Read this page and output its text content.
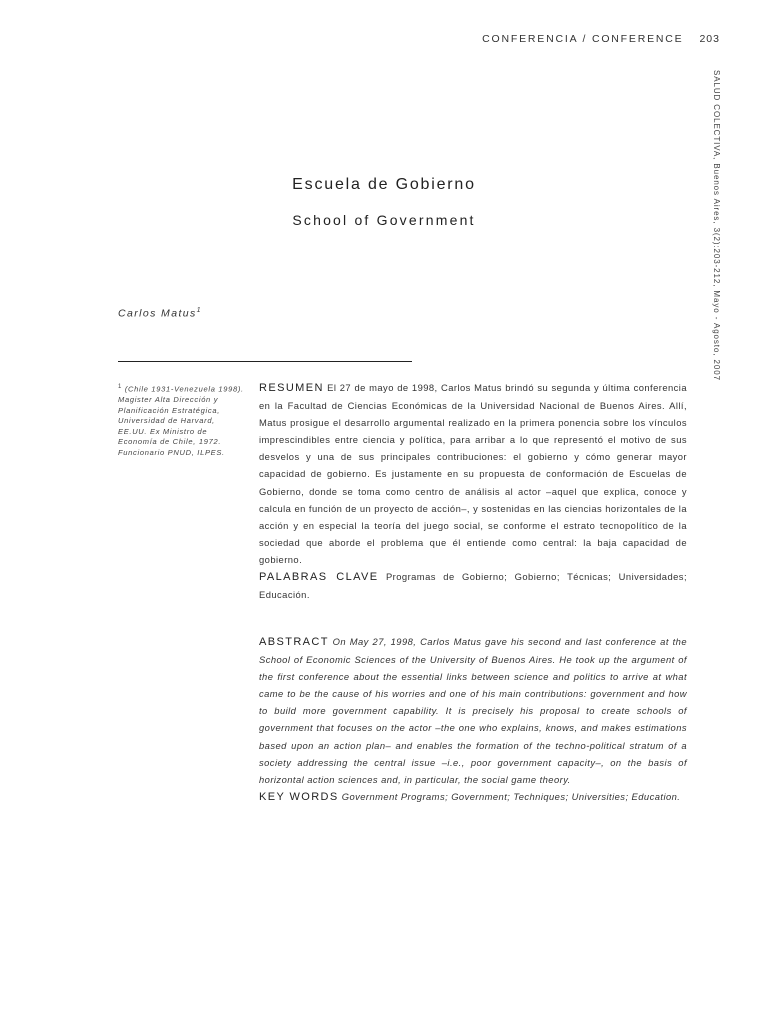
CONFERENCIA / CONFERENCE 203
SALUD COLECTIVA, Buenos Aires, 3(2):203-212, Mayo - Agosto, 2007
Escuela de Gobierno
School of Government
Carlos Matus$^1$
$^1$ (Chile 1931-Venezuela 1998). Magister Alta Dirección y Planificación Estratégica, Universidad de Harvard, EE.UU. Ex Ministro de Economía de Chile, 1972. Funcionario PNUD, ILPES.
RESUMEN El 27 de mayo de 1998, Carlos Matus brindó su segunda y última conferencia en la Facultad de Ciencias Económicas de la Universidad Nacional de Buenos Aires. Allí, Matus prosigue el desarrollo argumental realizado en la primera ponencia sobre los vínculos imprescindibles entre ciencia y política, para arribar a lo que representó el motivo de sus desvelos y una de sus principales contribuciones: el gobierno y cómo generar mayor capacidad de gobierno. Es justamente en su propuesta de conformación de Escuelas de Gobierno, donde se toma como centro de análisis al actor –aquel que explica, conoce y calcula en función de un proyecto de acción–, y sostenidas en las ciencias horizontales de la acción y en especial la teoría del juego social, se conforme el estrato tecnopolítico de la sociedad que aborde el problema que él entiende como central: la baja capacidad de gobierno.
PALABRAS CLAVE Programas de Gobierno; Gobierno; Técnicas; Universidades; Educación.
ABSTRACT On May 27, 1998, Carlos Matus gave his second and last conference at the School of Economic Sciences of the University of Buenos Aires. He took up the argument of the first conference about the essential links between science and politics to arrive at what came to be the cause of his worries and one of his main contributions: government and how to build more government capability. It is precisely his proposal to create schools of government that focuses on the actor –the one who explains, knows, and makes estimations based upon an action plan– and enables the formation of the techno-political stratum of a society addressing the central issue –i.e., poor government capacity–, on the basis of horizontal action sciences and, in particular, the social game theory.
KEY WORDS Government Programs; Government; Techniques; Universities; Education.
